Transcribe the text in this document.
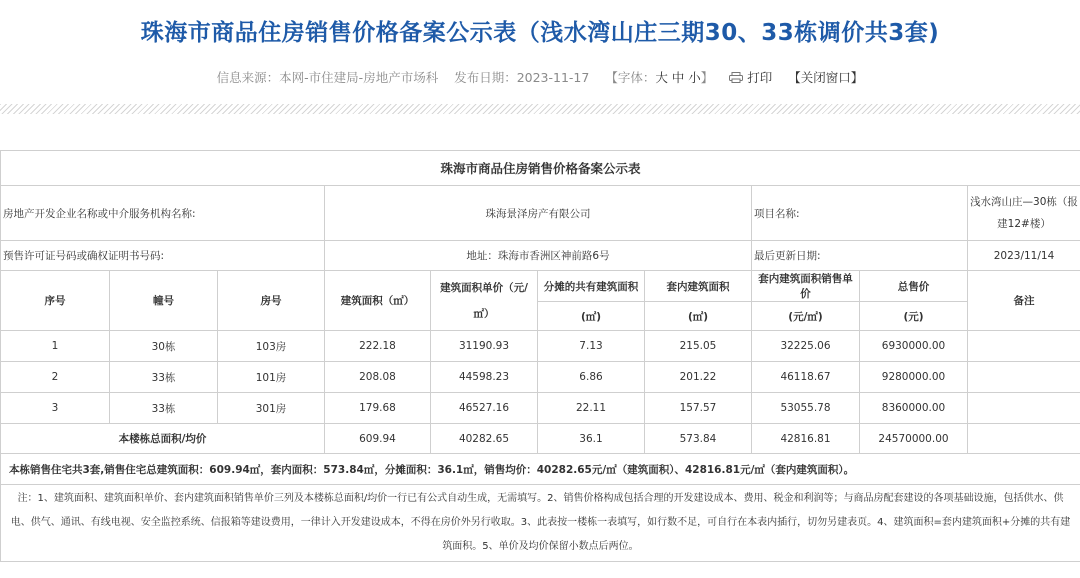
珠海市商品住房销售价格备案公示表（浅水湾山庄三期30、33栋调价共3套)
信息来源：本网-市住建局-房地产市场科 发布日期：2023-11-17 【字体：大 中 小】	打印 【关闭窗口】
珠海市商品住房销售价格备案公示表									
房地产开发企业名称或中介服务机构名称:			珠海景泽房产有限公司				项目名称:		浅水湾山庄—30栋（报建12#楼）
预售许可证号码或确权证明书号码:			地址：珠海市香洲区神前路6号				最后更新日期:		2023/11/14
序号	幢号	房号	建筑面积（㎡）	建筑面积单价（元/㎡）	分摊的共有建筑面积	套内建筑面积	套内建筑面积销售单价	总售价	备注
					(㎡)	(㎡)	(元/㎡)	(元)	
1	30栋	103房	222.18	31190.93	7.13	215.05	32225.06	6930000.00	
2	33栋	101房	208.08	44598.23	6.86	201.22	46118.67	9280000.00	
3	33栋	301房	179.68	46527.16	22.11	157.57	53055.78	8360000.00	
本楼栋总面积/均价			609.94	40282.65	36.1	573.84	42816.81	24570000.00	
本栋销售住宅共3套,销售住宅总建筑面积：609.94㎡，套内面积：573.84㎡，分摊面积：36.1㎡，销售均价：40282.65元/㎡（建筑面积）、42816.81元/㎡（套内建筑面积）。									
注：1、建筑面积、建筑面积单价、套内建筑面积销售单价三列及本楼栋总面积/均价一行已有公式自动生成，无需填写。2、销售价格构成包括合理的开发建设成本、费用、税金和利润等；与商品房配套建设的各项基础设施，包括供水、供电、供气、通讯、有线电视、安全监控系统、信报箱等建设费用，一律计入开发建设成本，不得在房价外另行收取。3、此表按一楼栋一表填写，如行数不足，可自行在本表内插行，切勿另建表页。4、建筑面积=套内建筑面积+分摊的共有建筑面积。5、单价及均价保留小数点后两位。									
